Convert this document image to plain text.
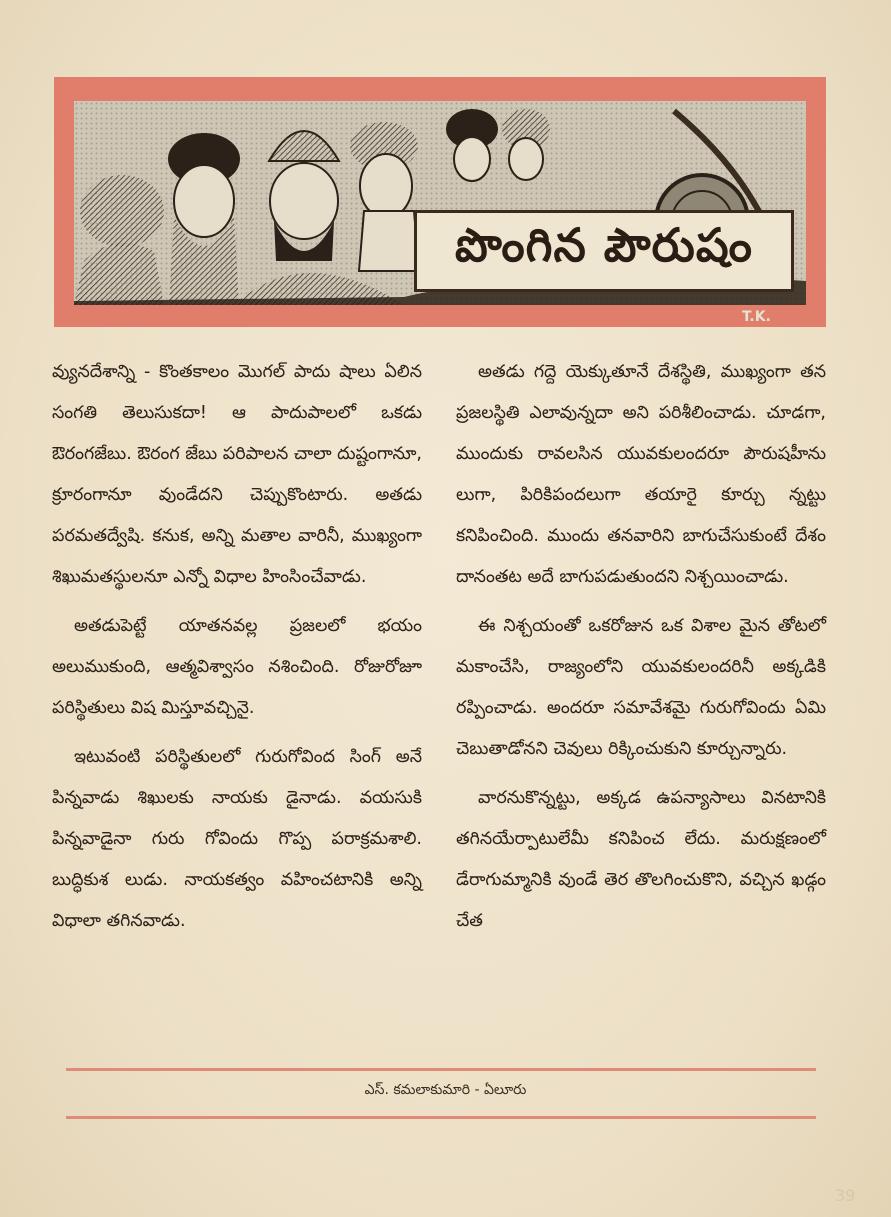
పొంగిన పౌరుషం
T.K.

వ్యునదేశాన్ని - కొంతకాలం మొగల్ పాదు షాలు ఏలిన సంగతి తెలుసుకదా! ఆ పాదుపాలలో ఒకడు ఔరంగజేబు. ఔరంగ జేబు పరిపాలన చాలా దుష్టంగానూ, క్రూరంగానూ వుండేదని చెప్పుకొంటారు. అతడు పరమతద్వేషి. కనుక, అన్ని మతాల వారినీ, ముఖ్యంగా శిఖుమతస్థులనూ ఎన్నో విధాల హింసించేవాడు.

అతడుపెట్టే యాతనవల్ల ప్రజలలో భయం అలుముకుంది, ఆత్మవిశ్వాసం నశించింది. రోజురోజూ పరిస్థితులు విష మిస్తూవచ్చినై.

ఇటువంటి పరిస్థితులలో గురుగోవింద సింగ్ అనే పిన్నవాడు శిఖులకు నాయకు డైనాడు. వయసుకి పిన్నవాడైనా గురు గోవిందు గొప్ప పరాక్రమశాలి. బుద్ధికుశ లుడు. నాయకత్వం వహించటానికి అన్ని విధాలా తగినవాడు.

అతడు గద్దె యెక్కుతూనే దేశస్థితి, ముఖ్యంగా తన ప్రజలస్థితి ఎలావున్నదా అని పరిశీలించాడు. చూడగా, ముందుకు రావలసిన యువకులందరూ పౌరుషహీను లుగా, పిరికిపందలుగా తయారై కూర్చు న్నట్టు కనిపించింది. ముందు తనవారిని బాగుచేసుకుంటే దేశం దానంతట అదే బాగుపడుతుందని నిశ్చయించాడు.

ఈ నిశ్చయంతో ఒకరోజున ఒక విశాల మైన తోటలో మకాంచేసి, రాజ్యంలోని యువకులందరినీ అక్కడికి రప్పించాడు. అందరూ సమావేశమై గురుగోవిందు ఏమి చెబుతాడోనని చెవులు రిక్కించుకుని కూర్చున్నారు.

వారనుకొన్నట్టు, అక్కడ ఉపన్యాసాలు వినటానికి తగినయేర్పాటులేమీ కనిపించ లేదు. మరుక్షణంలో డేరాగుమ్మానికి వుండే తెర తొలగించుకొని, వచ్చిన ఖడ్గం చేత

ఎస్. కమలాకుమారి - ఏలూరు
39
